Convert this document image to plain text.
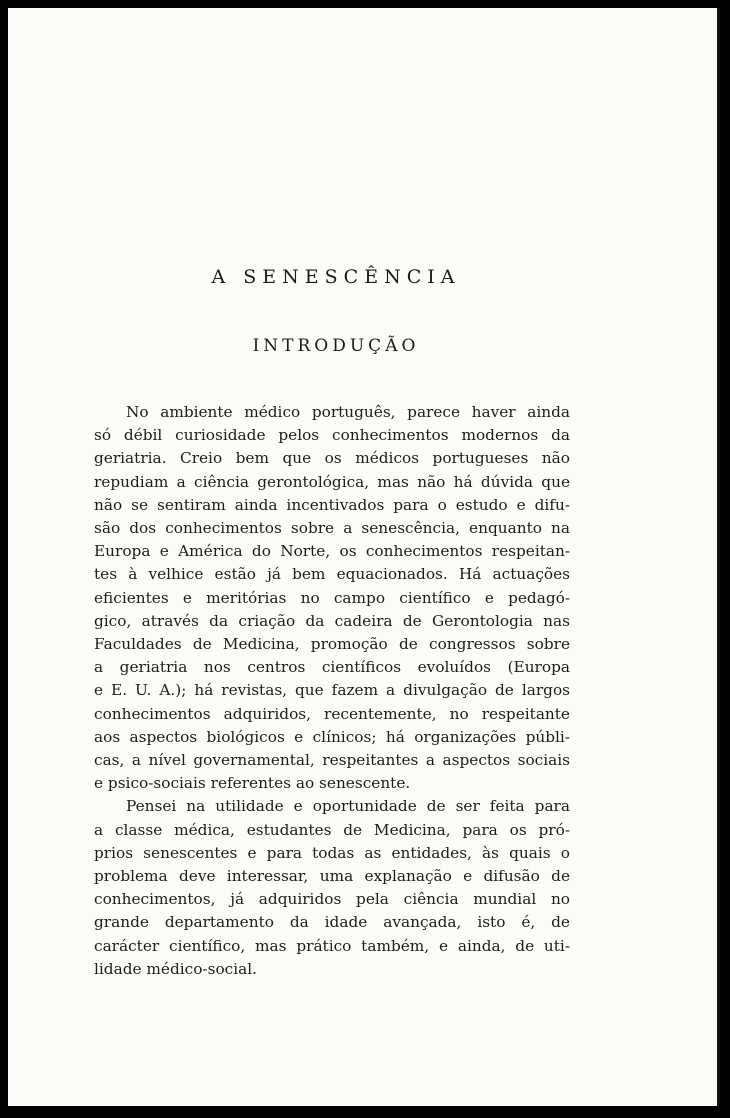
A SENESCÊNCIA
INTRODUÇÃO
No ambiente médico português, parece haver ainda
só débil curiosidade pelos conhecimentos modernos da
geriatria. Creio bem que os médicos portugueses não
repudiam a ciência gerontológica, mas não há dúvida que
não se sentiram ainda incentivados para o estudo e difu-
são dos conhecimentos sobre a senescência, enquanto na
Europa e América do Norte, os conhecimentos respeitan-
tes à velhice estão já bem equacionados. Há actuações
eficientes e meritórias no campo científico e pedagó-
gico, através da criação da cadeira de Gerontologia nas
Faculdades de Medicina, promoção de congressos sobre
a geriatria nos centros científicos evoluídos (Europa
e E. U. A.); há revistas, que fazem a divulgação de largos
conhecimentos adquiridos, recentemente, no respeitante
aos aspectos biológicos e clínicos; há organizações públi-
cas, a nível governamental, respeitantes a aspectos sociais
e psico-sociais referentes ao senescente.
Pensei na utilidade e oportunidade de ser feita para
a classe médica, estudantes de Medicina, para os pró-
prios senescentes e para todas as entidades, às quais o
problema deve interessar, uma explanação e difusão de
conhecimentos, já adquiridos pela ciência mundial no
grande departamento da idade avançada, isto é, de
carácter científico, mas prático também, e ainda, de uti-
lidade médico-social.
